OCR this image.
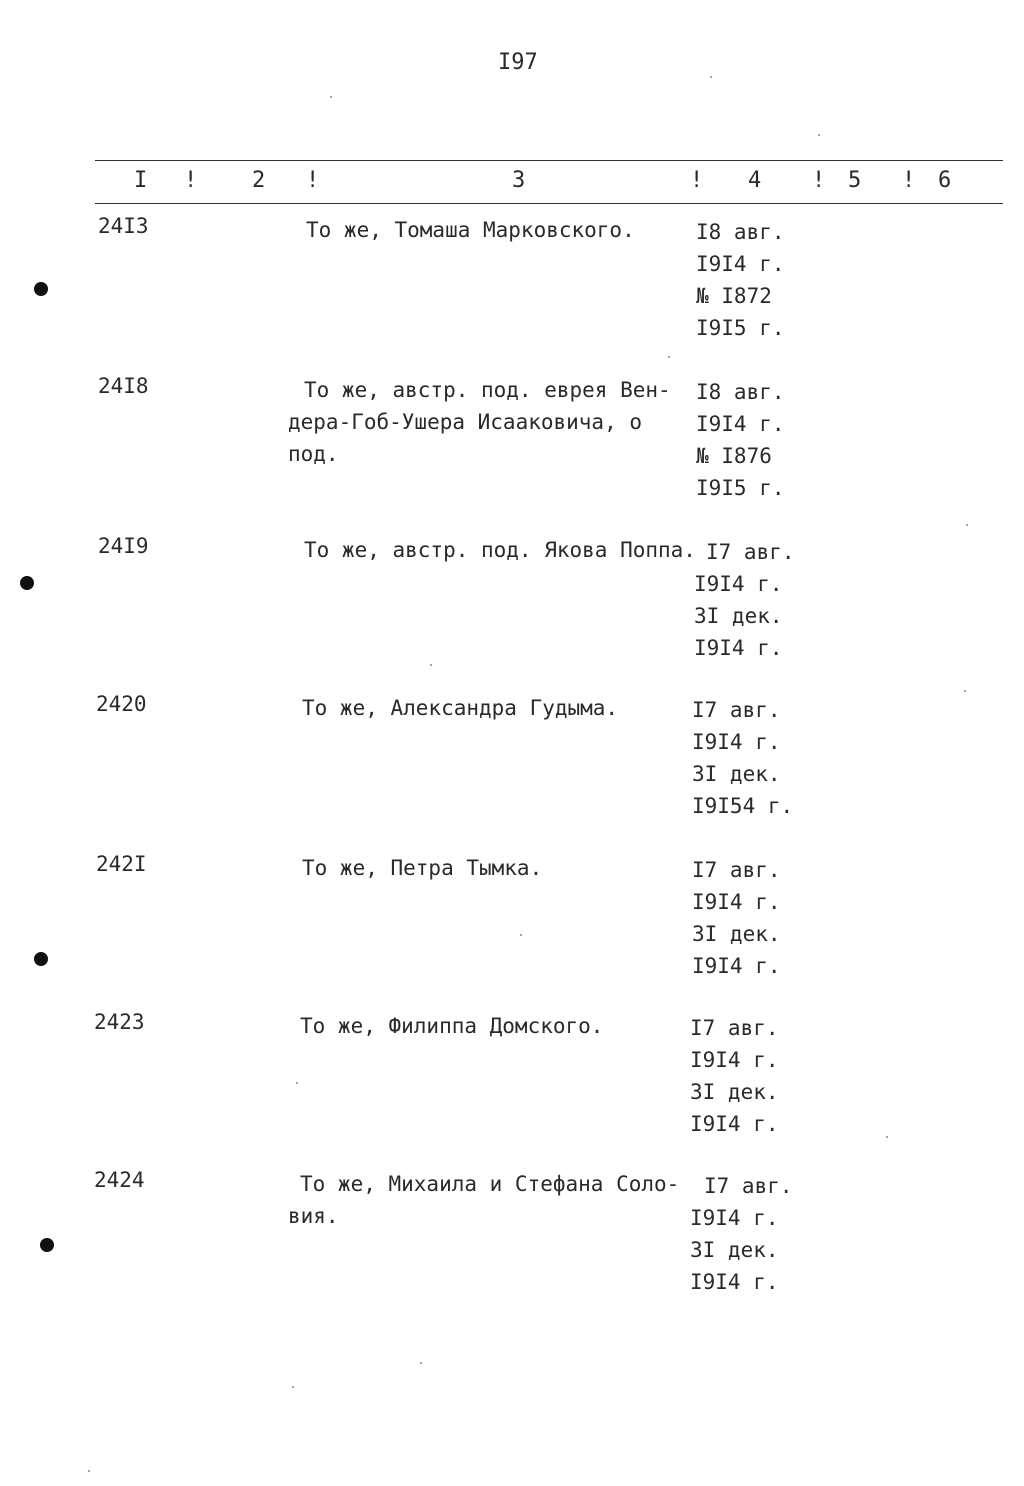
I97
I ! 2 !	3	! 4 ! 5 ! 6
24I3	То же, Томаша Марковского.	I8 авг.
I9I4 г.
№ I872
I9I5 г.
24I8	То же, австр. под. еврея Вен-
дера-Гоб-Ушера Исааковича, о
под.
I8 авг.
I9I4 г.
№ I876
I9I5 г.
24I9	То же, австр. под. Якова Поппа. I7 авг.
I9I4 г.
3I дек.
I9I4 г.
2420	То же, Александра Гудыма.	I7 авг.
I9I4 г.
3I дек.
I9I54 г.
242I	То же, Петра Тымка.	I7 авг.
I9I4 г.
3I дек.
I9I4 г.
2423	То же, Филиппа Домского.	I7 авг.
I9I4 г.
3I дек.
I9I4 г.
2424	То же, Михаила и Стефана Соло-
вия.
I7 авг.
I9I4 г.
3I дек.
I9I4 г.
